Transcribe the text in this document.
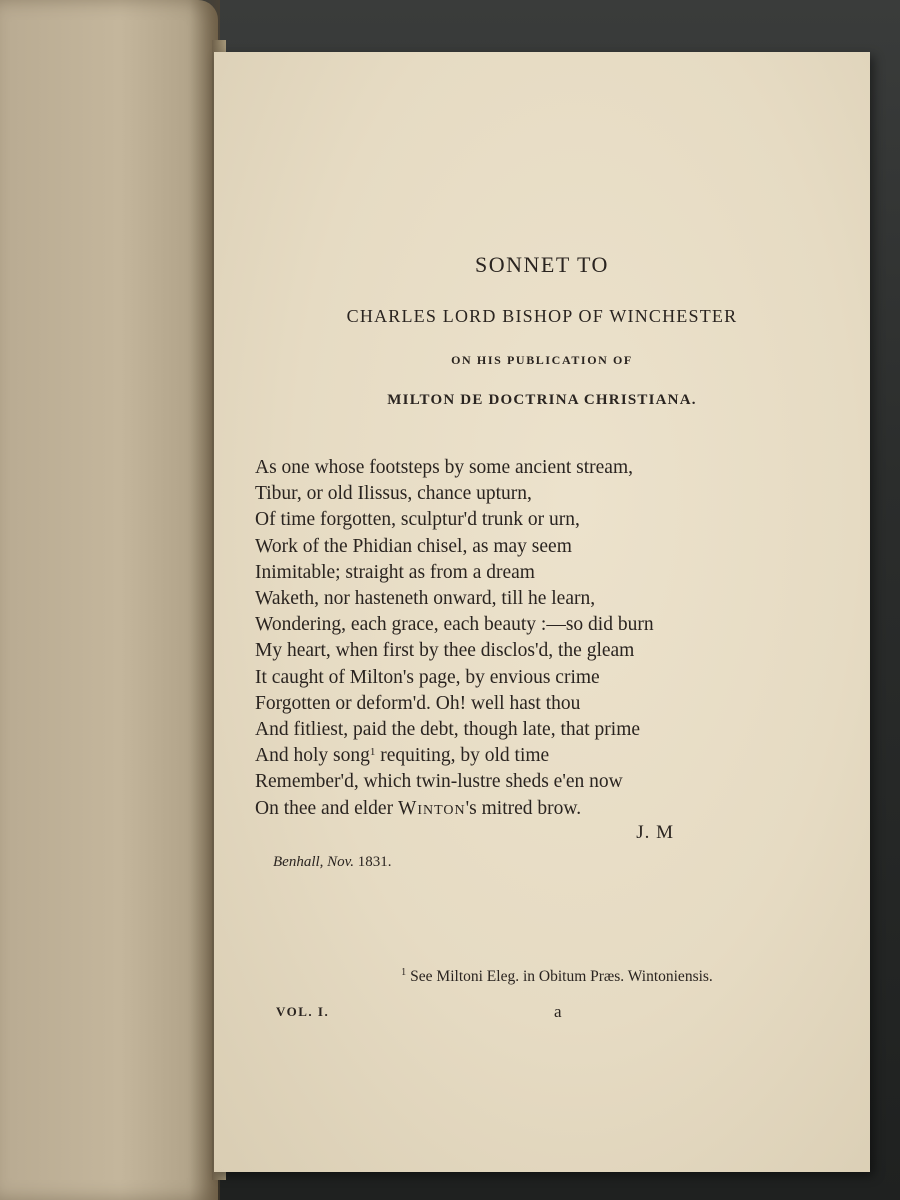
SONNET TO
CHARLES LORD BISHOP OF WINCHESTER
ON HIS PUBLICATION OF
MILTON DE DOCTRINA CHRISTIANA.
As one whose footsteps by some ancient stream,
Tibur, or old Ilissus, chance upturn,
Of time forgotten, sculptur'd trunk or urn,
Work of the Phidian chisel, as may seem
Inimitable; straight as from a dream
Waketh, nor hasteneth onward, till he learn,
Wondering, each grace, each beauty :—so did burn
My heart, when first by thee disclos'd, the gleam
It caught of Milton's page, by envious crime
Forgotten or deform'd. Oh! well hast thou
And fitliest, paid the debt, though late, that prime
And holy song$^1$ requiting, by old time
Remember'd, which twin-lustre sheds e'en now
On thee and elder Winton's mitred brow.
J. M
Benhall, Nov. 1831.
$^1$ See Miltoni Eleg. in Obitum Præs. Wintoniensis.
VOL. I.	a
